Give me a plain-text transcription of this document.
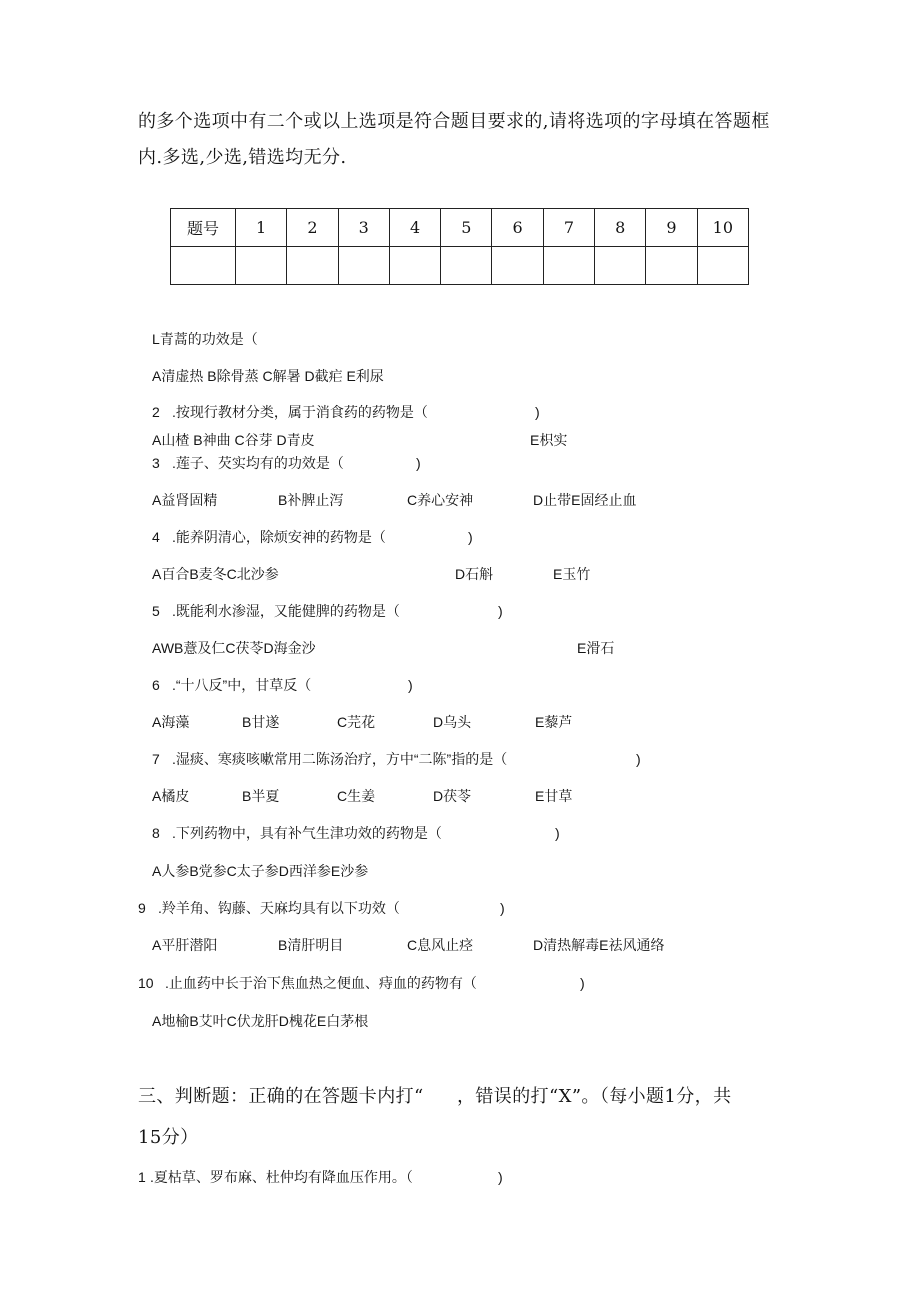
的多个选项中有二个或以上选项是符合题目要求的,请将选项的字母填在答题框
内.多选,少选,错选均无分.
题号	1	2	3	4	5	6	7	8	9	10

L青蒿的功效是（
A清虚热 B除骨蒸 C解暑 D截疟 E利尿
2 .按现行教材分类，属于消食药的药物是（	)
A山楂 B神曲 C谷芽 D青皮	E枳实
3 .莲子、芡实均有的功效是（	)
A益肾固精	B补脾止泻	C养心安神	D止带E固经止血
4 .能养阴清心，除烦安神的药物是（	)
A百合B麦冬C北沙参	D石斛	E玉竹
5 .既能利水渗湿，又能健脾的药物是（	)
AWB薏及仁C茯苓D海金沙	E滑石
6 .“十八反”中，甘草反（	)
A海藻	B甘遂	C芫花	D乌头	E藜芦
7 .湿痰、寒痰咳嗽常用二陈汤治疗，方中“二陈”指的是（	)
A橘皮	B半夏	C生姜	D茯苓	E甘草
8 .下列药物中，具有补气生津功效的药物是（	)
A人参B党参C太子参D西洋参E沙参
9 .羚羊角、钩藤、天麻均具有以下功效（	)
A平肝潜阳	B清肝明目	C息风止痉	D清热解毒E祛风通络
10 .止血药中长于治下焦血热之便血、痔血的药物有（	)
A地榆B艾叶C伏龙肝D槐花E白茅根
三、判断题：正确的在答题卡内打“ ，错误的打“X”。（每小题1分，共
15分）
1 .夏枯草、罗布麻、杜仲均有降血压作用。（	)
